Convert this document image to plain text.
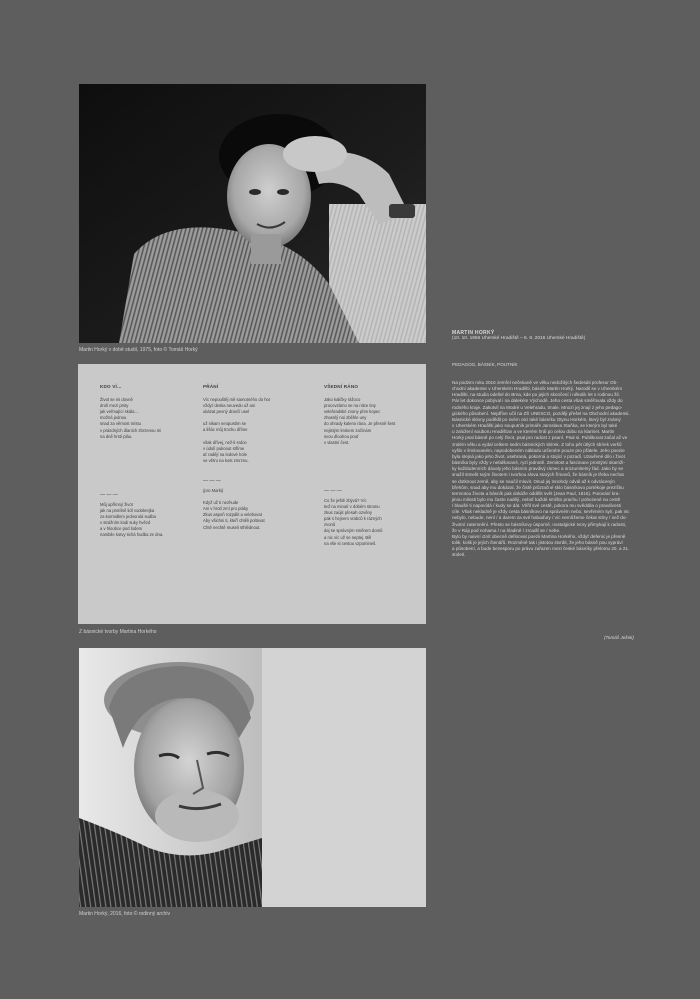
Martin Horký v době studií, 1975, foto © Tomáš Horký
MARTIN HORKÝ
(10. 10. 1956 Uherské Hradiště – 6. 8. 2016 Uherské Hradiště)
PEDAGOG, BÁSNÍK, POUTNÍK

Na podzim roku 2016 zemřel nečekaně ve věku nedožitých šedesáti profesor Ob-

chodní akademie v Uherském Hradišti, básník Martin Horký. Narodil se v Uherském

Hradišti, na studia odešel do Brna, kde po jejich skončení i několik let s rodinou žil.

Pár let dokonce pobýval i na dalekém Východě. Jeho cesta však směřovala vždy do

rodného kraje. Zakotvil na Modré u Velehradu, tmale. Mnozí jej znají z jeho pedago-

gického působení. Nejdříve učil na ZŠ UNESCO, později přešel na Obchodní akademii.

Básnické sklony podědil po svém otci také básníku Otynu Horkém, který byl známý

v Uherském Hradišti jako souputník primáře Jaroslava Staňka, se kterým byl také

u založení souboru Hradišťan a ve kterém hrál po celou dobu na klarinet. Martin

Horký psal básně po celý život, psal pro radost z psaní. Psal si. Publikovat začal až ve

zralém věku a vydal celkem sedm básnických sbírek. Z toho pět útlých sbírek veršů

vyšlo v limitovaném, napodobeném nákladu určeném pouze pro přátele. Jeho poezie

byla stejná jako jeho život, usebraná, pokorná a stojící v pozadí. Uzavřené dílo i život

básníka byly vždy v nefalšované, ryzí jednotě. Zemitost a fascinace prostými okamži-

ky každodenních dávaly jeho básním pravdivý rámec a srozumitelný řád. Jako by se

snažil stmelit svým životem i tvorbou slova starých římanů, že básník je třeba nechat

se dotknout země, aby se naučil mluvit. Osud jej mnohdy odvál až k odvrácenýn

břehům, snad aby mu dokázal, že čistě průzračné sklo básníkovo portékoje prezíčku

temnotou života a básník pak dokáže oddělit svět (Jean Paul, 1815). Putování kra-

jinou milosti bylo mu často nadějí, neboť každé smíšto prachu / pohozené na cestě

/ blaušé ti napovídá / kudy se dát. Věřil své cestě, pokora mu svěddila o pravdivosti

cíle. Však nekladně je vždy cesta básníkovo na správném nebo, sevřeném sytí, pak nic

nebylo, nebude, není / a darem za své habaďury / víc nemůžeme čekat stíny / než do-

životní zatemnění. Přesto se básníkovy úsporně, nostalgické tvory přimykají k radosti,

že v Ráji pod nohama / na hladině / zrcadlí se / nebe.

Bylo by naivní ctnít obecně definovat poezii Martina Horkého, vždyť defenic je přesně

tolik, kolik je jejích čtenářů. Rozměně tak i jistotou stvrdit, že jeho básně pou vypráví

a působení, a bude bezesporu po právu zařazen mezi české básníky přelomu 20. a 21.

století.

(Tomáš Ježek)
KDO VÍ…
Život se mi dovně
drolí mezi prsty
jak veřmající skála…
možná jednou
snad za věrnost místu
v prázdných dlaních zbrzenou mi
na dně hrstí pláu.
— — —
Můj upřímný život
jak na protílně lidí vodokrejka
za kormidlem jednorulá sudba
v strážním kodi suky hvězd
a v hloubce pod lodem
nambile kotvy tichá hudba ze dna.
PŘÁNÍ
Víc nepouštěj mě samotného do hor
vždyť deska neuvedu už ani
ukázat pevný dravčí usel
už nikam neopustím se
a lišác můj trochu dříme
však dřívej, než-li srdce
v údolí pukoout stříme
ať radějí na ledové hole
ve větru na kost zmrznu.
— — —
(pro Marki)
Když už ti nezhude
Ani v hrotí zmí pro ptáky
Zkus aspoň rozpálit a velebovat
Aby všichni ti, kteří chtěli poltovat
Chtě nechtě museli sthlédnout.
VŠEDNÍ RÁNO
Jako kaličky rážoco
procovzámo se na nitce tiny
velehradské zvony přes kopec
zhasnlý noi zběhle uny
do ohrady kaleno rána. Je přesně šest
nejistým krokem začínám
svou dlouhou pouť
v vlastní čest.
— — —
Co že ještě zbývá? Víc
teď na minutí v dobém stromu
zkus zaújit přesah ozvěny
pak s hejnem vrabců k rázných
zvonů
dej se správným směrem domů
a nic víc už se neptej. Bill
na vše si cestou vzpomineš.
Z básnické tvorby Martina Horkého
Martin Horký, 2016, foto © rodinný archiv
